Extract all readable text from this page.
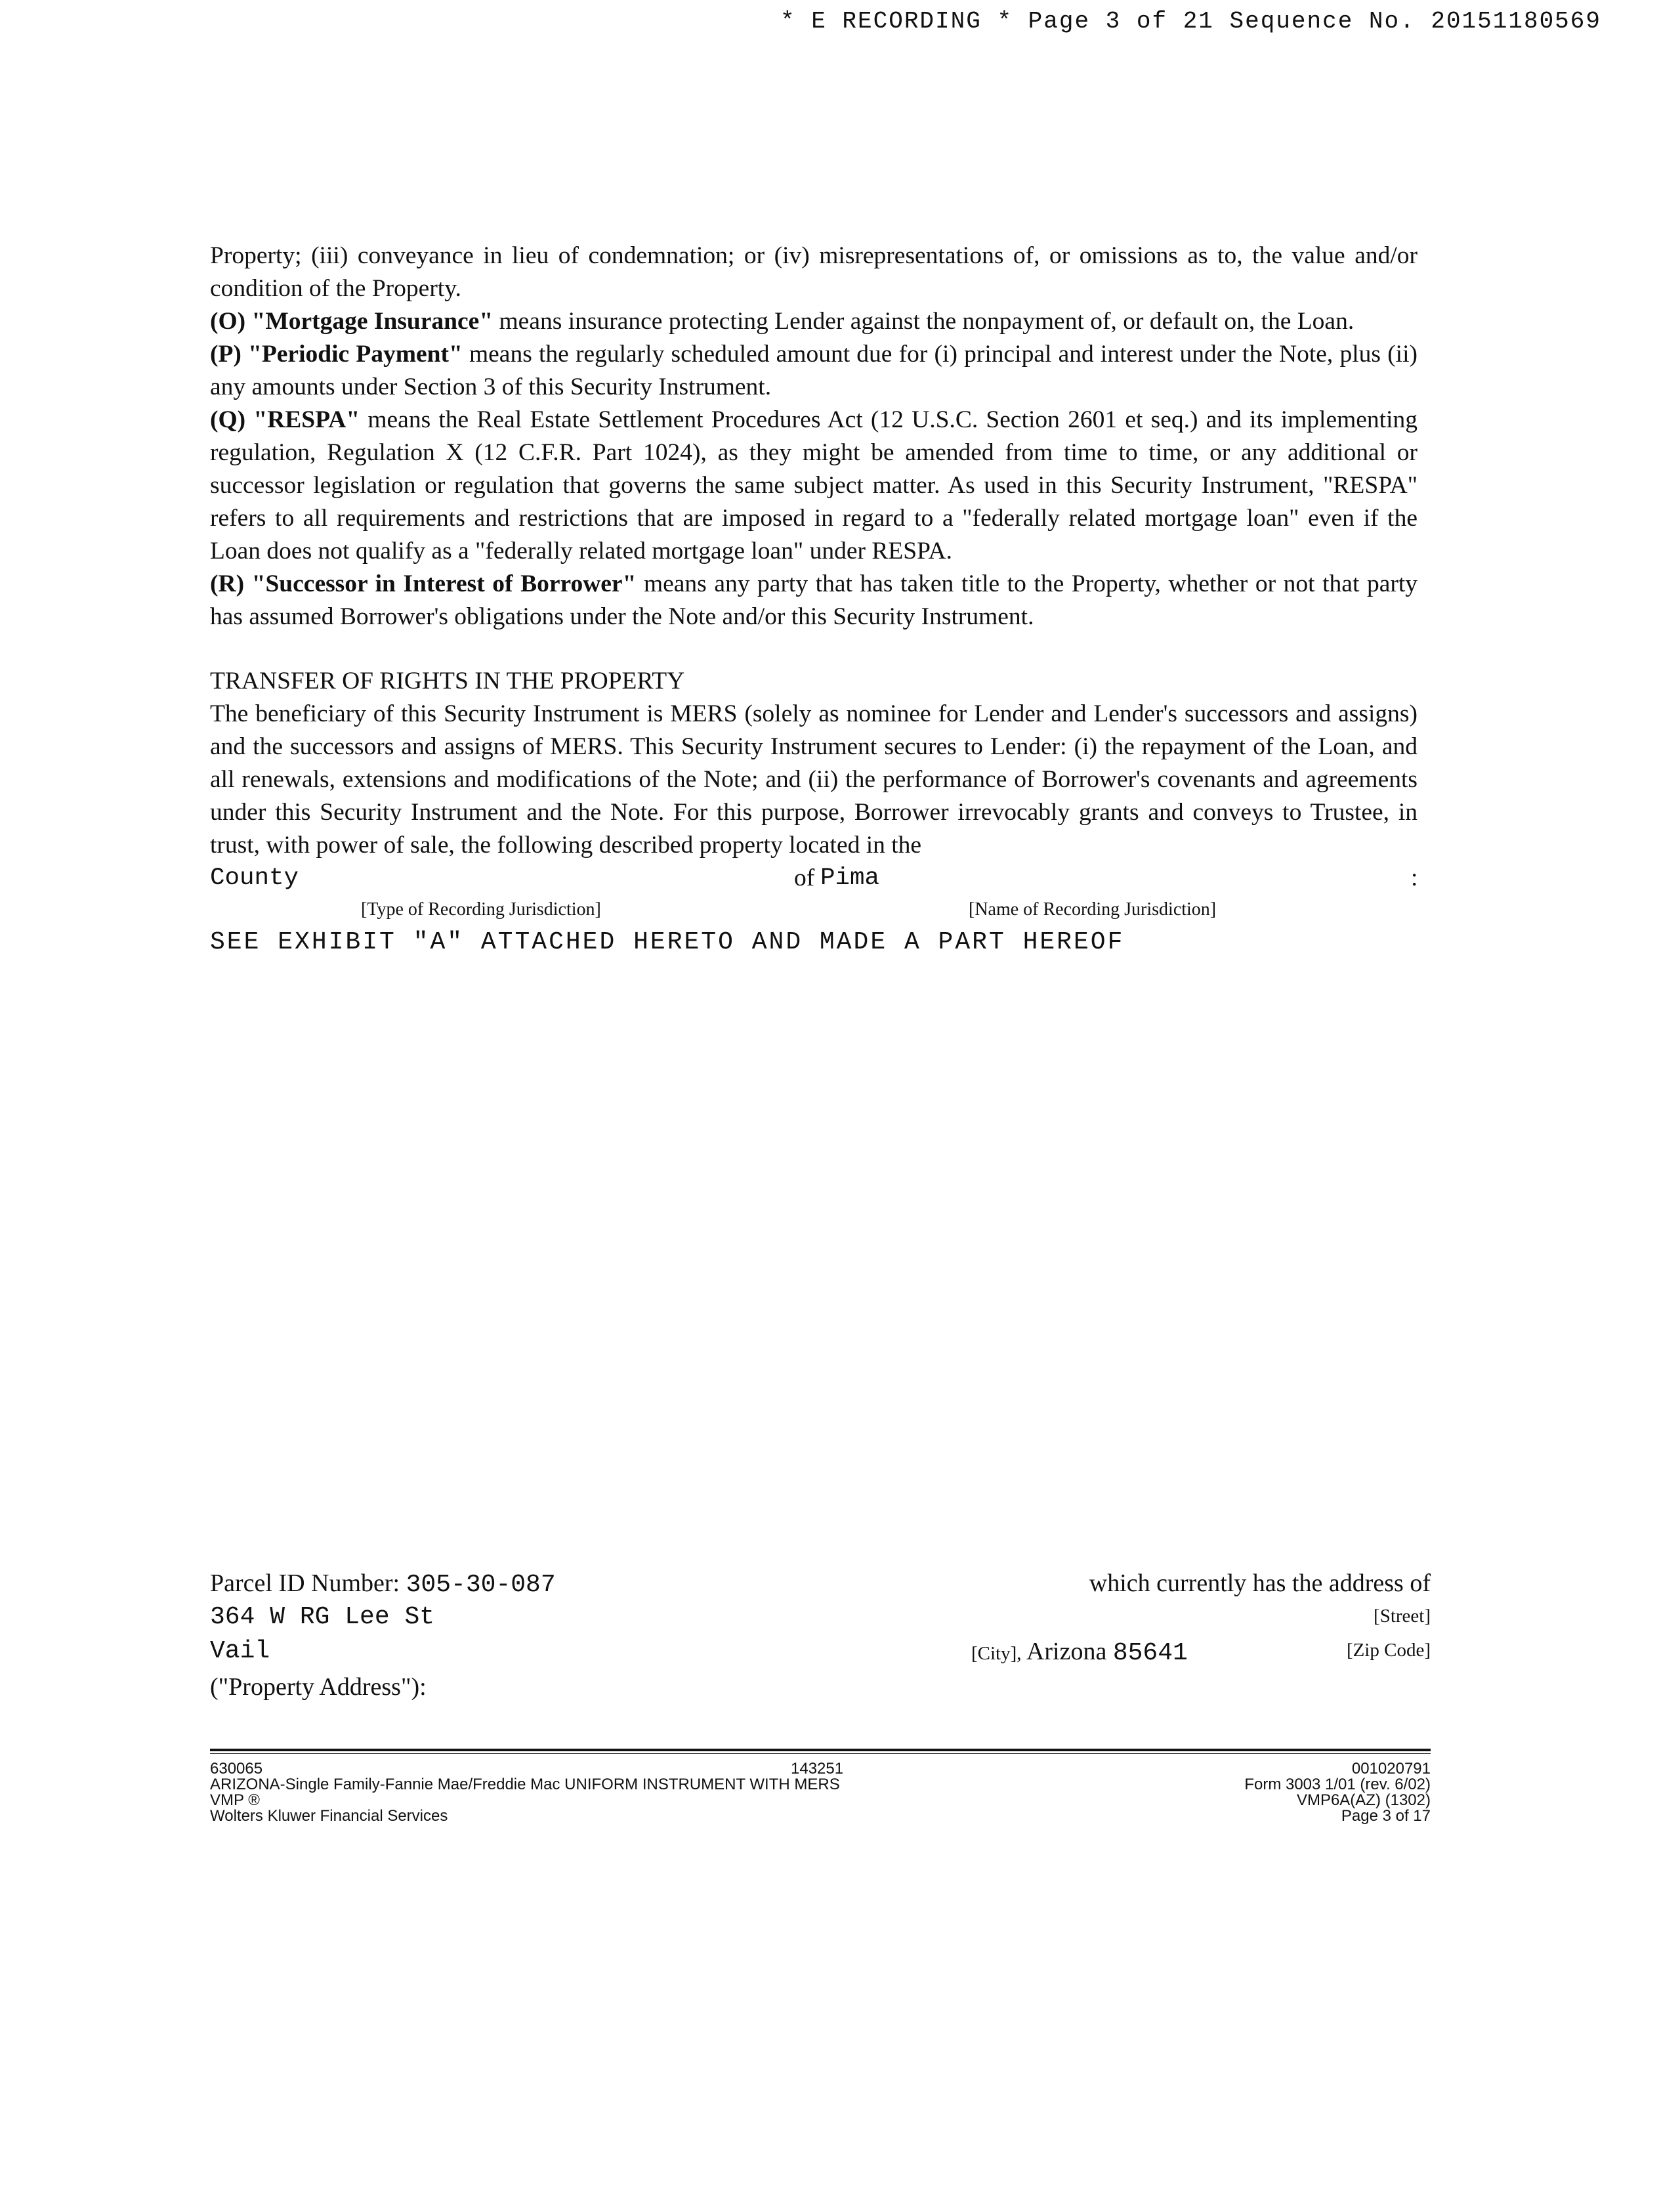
* E RECORDING * Page 3 of 21 Sequence No. 20151180569

Property; (iii) conveyance in lieu of condemnation; or (iv) misrepresentations of, or omissions as to, the value and/or condition of the Property.

(O) "Mortgage Insurance" means insurance protecting Lender against the nonpayment of, or default on, the Loan.

(P) "Periodic Payment" means the regularly scheduled amount due for (i) principal and interest under the Note, plus (ii) any amounts under Section 3 of this Security Instrument.

(Q) "RESPA" means the Real Estate Settlement Procedures Act (12 U.S.C. Section 2601 et seq.) and its implementing regulation, Regulation X (12 C.F.R. Part 1024), as they might be amended from time to time, or any additional or successor legislation or regulation that governs the same subject matter. As used in this Security Instrument, "RESPA" refers to all requirements and restrictions that are imposed in regard to a "federally related mortgage loan" even if the Loan does not qualify as a "federally related mortgage loan" under RESPA.

(R) "Successor in Interest of Borrower" means any party that has taken title to the Property, whether or not that party has assumed Borrower's obligations under the Note and/or this Security Instrument.

TRANSFER OF RIGHTS IN THE PROPERTY

The beneficiary of this Security Instrument is MERS (solely as nominee for Lender and Lender's successors and assigns) and the successors and assigns of MERS. This Security Instrument secures to Lender: (i) the repayment of the Loan, and all renewals, extensions and modifications of the Note; and (ii) the performance of Borrower's covenants and agreements under this Security Instrument and the Note. For this purpose, Borrower irrevocably grants and conveys to Trustee, in trust, with power of sale, the following described property located in the

County	of Pima	:
[Type of Recording Jurisdiction]	[Name of Recording Jurisdiction]
SEE EXHIBIT "A" ATTACHED HERETO AND MADE A PART HEREOF
Parcel ID Number: 305-30-087	which currently has the address of
364 W RG Lee St	[Street]
Vail	[City], Arizona 85641	[Zip Code]
("Property Address"):
630065	143251	001020791
ARIZONA-Single Family-Fannie Mae/Freddie Mac UNIFORM INSTRUMENT WITH MERS	Form 3003 1/01 (rev. 6/02)
VMP ®	VMP6A(AZ) (1302)
Wolters Kluwer Financial Services	Page 3 of 17
